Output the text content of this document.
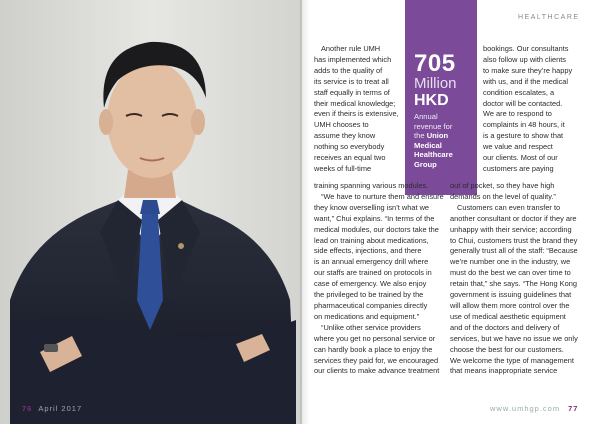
76 April 2017
HEALTHCARE
705
Million
HKD
Annual
revenue for
the Union
Medical
Healthcare
Group

Another rule UMH

has implemented which

adds to the quality of

its service is to treat all

staff equally in terms of

their medical knowledge;

even if theirs is extensive,

UMH chooses to

assume they know

nothing so everybody

receives an equal two

weeks of full-time

training spanning various modules.

“We have to nurture them and ensure

they know overselling isn’t what we

want,” Chui explains. “In terms of the

medical modules, our doctors take the

lead on training about medications,

side effects, injections, and there

is an annual emergency drill where

our staffs are trained on protocols in

case of emergency. We also enjoy

the privileged to be trained by the

pharmaceutical companies directly

on medications and equipment.”

“Unlike other service providers

where you get no personal service or

can hardly book a place to enjoy the

services they paid for, we encouraged

our clients to make advance treatment

bookings. Our consultants

also follow up with clients

to make sure they’re happy

with us, and if the medical

condition escalates, a

doctor will be contacted.

We are to respond to

complaints in 48 hours, it

is a gesture to show that

we value and respect

our clients. Most of our

customers are paying

out of pocket, so they have high

demands on the level of quality.”

Customers can even transfer to

another consultant or doctor if they are

unhappy with their service; according

to Chui, customers trust the brand they

generally trust all of the staff: “Because

we’re number one in the industry, we

must do the best we can over time to

retain that,” she says. “The Hong Kong

government is issuing guidelines that

will allow them more control over the

use of medical aesthetic equipment

and of the doctors and delivery of

services, but we have no issue we only

choose the best for our customers.

We welcome the type of management

that means inappropriate service

www.umhgp.com 77
